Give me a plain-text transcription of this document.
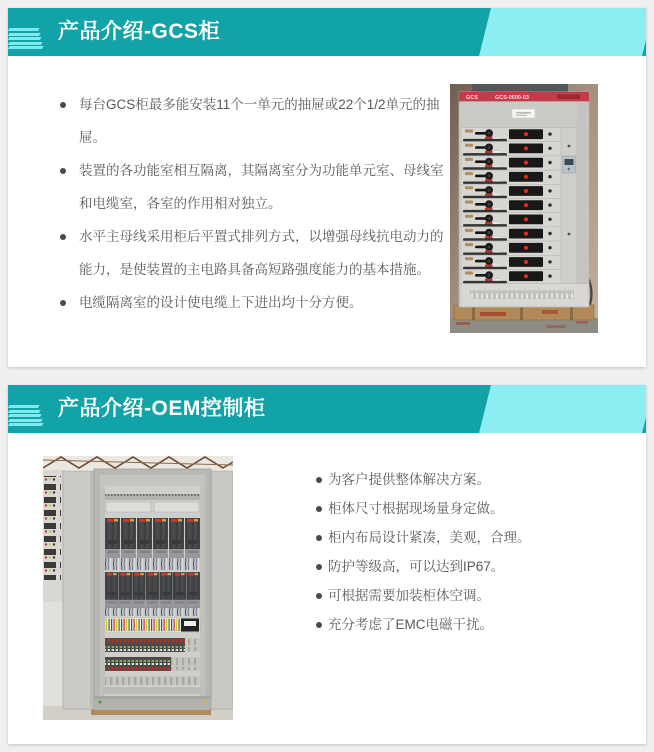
产品介绍-GCS柜
每台GCS柜最多能安装11个一单元的抽屉或22个1/2单元的抽屉。
装置的各功能室相互隔离，其隔离室分为功能单元室、母线室和电缆室，各室的作用相对独立。
水平主母线采用柜后平置式排列方式，以增强母线抗电动力的能力，是使装置的主电路具备高短路强度能力的基本措施。
电缆隔离室的设计使电缆上下进出均十分方便。
GCS	GCS-0600-03
产品介绍-OEM控制柜
为客户提供整体解决方案。
柜体尺寸根据现场量身定做。
柜内布局设计紧凑，美观，合理。
防护等级高，可以达到IP67。
可根据需要加装柜体空调。
充分考虑了EMC电磁干扰。
